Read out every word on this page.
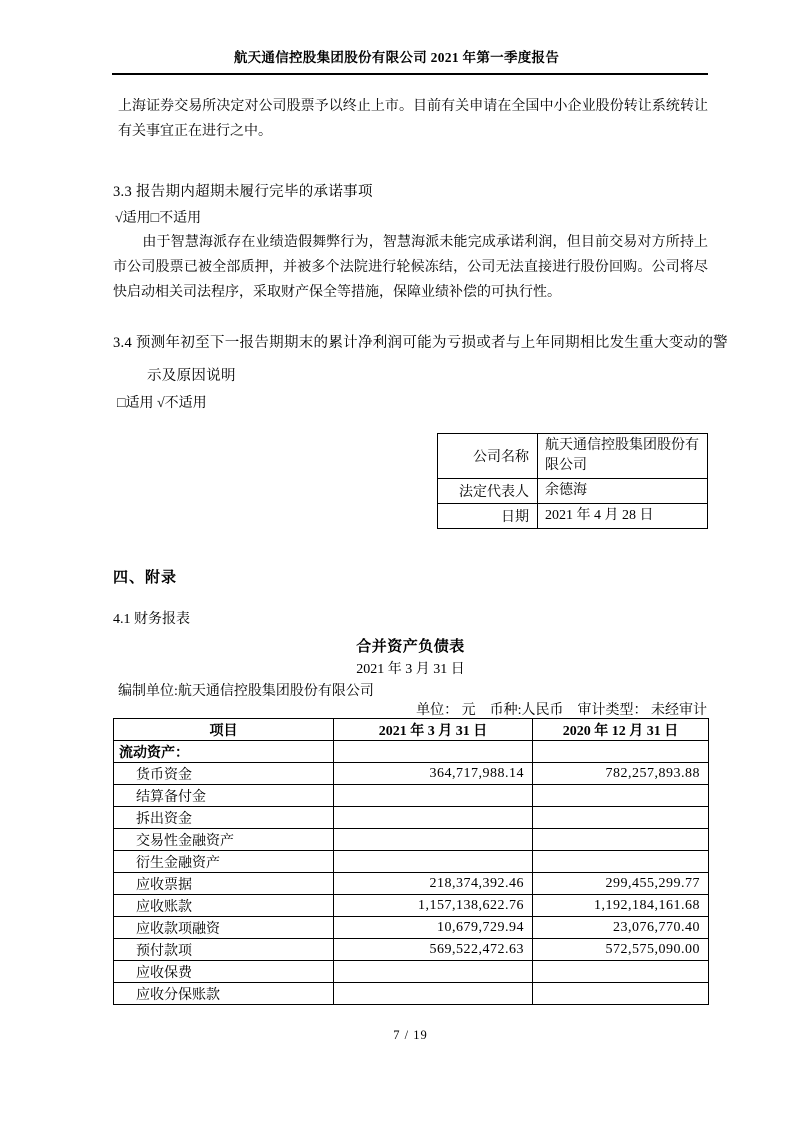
航天通信控股集团股份有限公司 2021 年第一季度报告

上海证券交易所决定对公司股票予以终止上市。目前有关申请在全国中小企业股份转让系统转让有关事宜正在进行之中。

3.3 报告期内超期未履行完毕的承诺事项
√适用□不适用

由于智慧海派存在业绩造假舞弊行为，智慧海派未能完成承诺利润，但目前交易对方所持上市公司股票已被全部质押，并被多个法院进行轮候冻结，公司无法直接进行股份回购。公司将尽快启动相关司法程序，采取财产保全等措施，保障业绩补偿的可执行性。

3.4 预测年初至下一报告期期末的累计净利润可能为亏损或者与上年同期相比发生重大变动的警
示及原因说明
□适用 √不适用
公司名称	航天通信控股集团股份有限公司
法定代表人	余德海
日期	2021 年 4 月 28 日
四、附录
4.1 财务报表
合并资产负债表
2021 年 3 月 31 日
编制单位:航天通信控股集团股份有限公司
单位： 元　币种:人民币　审计类型： 未经审计
项目	2021 年 3 月 31 日	2020 年 12 月 31 日
流动资产：		
货币资金	364,717,988.14	782,257,893.88
结算备付金		
拆出资金		
交易性金融资产		
衍生金融资产		
应收票据	218,374,392.46	299,455,299.77
应收账款	1,157,138,622.76	1,192,184,161.68
应收款项融资	10,679,729.94	23,076,770.40
预付款项	569,522,472.63	572,575,090.00
应收保费		
应收分保账款		
7 / 19
